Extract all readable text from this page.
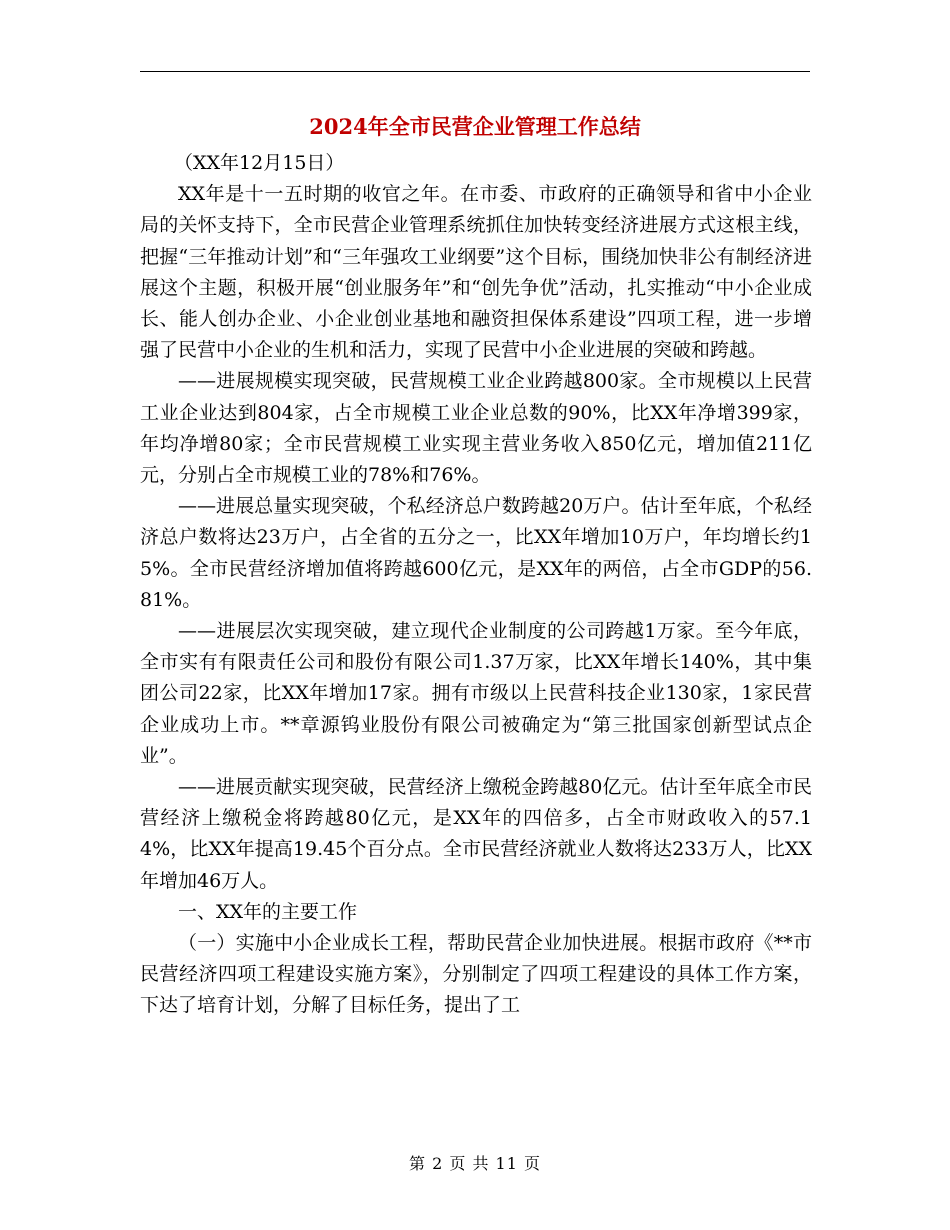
2024年全市民营企业管理工作总结

（XX年12月15日）

XX年是十一五时期的收官之年。在市委、市政府的正确领导和省中小企业局的关怀支持下，全市民营企业管理系统抓住加快转变经济进展方式这根主线，把握“三年推动计划”和“三年强攻工业纲要”这个目标，围绕加快非公有制经济进展这个主题，积极开展“创业服务年”和“创先争优”活动，扎实推动“中小企业成长、能人创办企业、小企业创业基地和融资担保体系建设”四项工程，进一步增强了民营中小企业的生机和活力，实现了民营中小企业进展的突破和跨越。

——进展规模实现突破，民营规模工业企业跨越800家。全市规模以上民营工业企业达到804家，占全市规模工业企业总数的90%，比XX年净增399家，年均净增80家；全市民营规模工业实现主营业务收入850亿元，增加值211亿元，分别占全市规模工业的78%和76%。

——进展总量实现突破，个私经济总户数跨越20万户。估计至年底，个私经济总户数将达23万户，占全省的五分之一，比XX年增加10万户，年均增长约15%。全市民营经济增加值将跨越600亿元，是XX年的两倍，占全市GDP的56.81%。

——进展层次实现突破，建立现代企业制度的公司跨越1万家。至今年底，全市实有有限责任公司和股份有限公司1.37万家，比XX年增长140%，其中集团公司22家，比XX年增加17家。拥有市级以上民营科技企业130家，1家民营企业成功上市。**章源钨业股份有限公司被确定为“第三批国家创新型试点企业”。

——进展贡献实现突破，民营经济上缴税金跨越80亿元。估计至年底全市民营经济上缴税金将跨越80亿元，是XX年的四倍多，占全市财政收入的57.14%，比XX年提高19.45个百分点。全市民营经济就业人数将达233万人，比XX年增加46万人。

一、XX年的主要工作

（一）实施中小企业成长工程，帮助民营企业加快进展。根据市政府《**市民营经济四项工程建设实施方案》，分别制定了四项工程建设的具体工作方案，下达了培育计划，分解了目标任务，提出了工

第 2 页 共 11 页
